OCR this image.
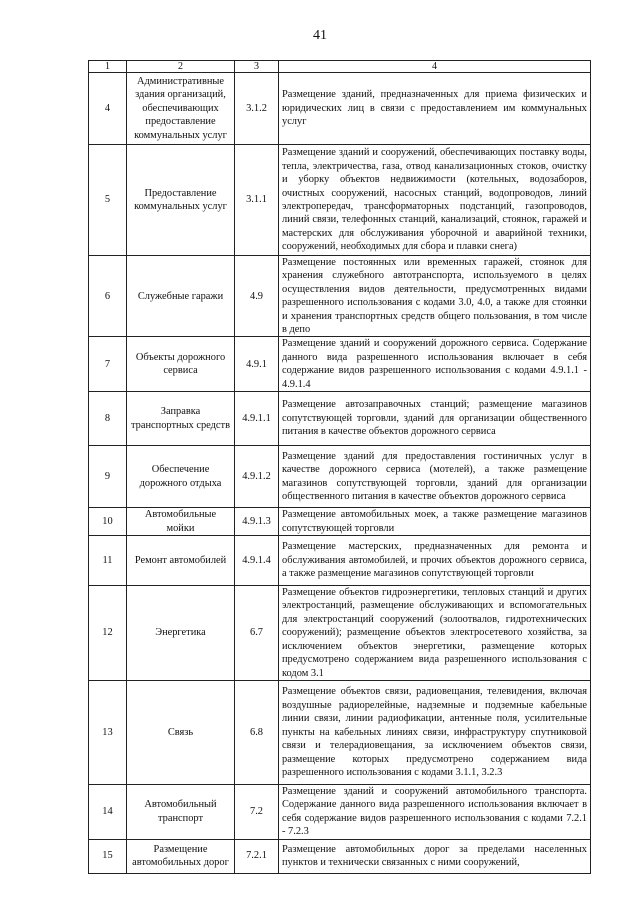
41
1	2	3	4
4	Административные здания организаций, обеспечивающих предоставление коммунальных услуг	3.1.2	Размещение зданий, предназначенных для приема физических и юридических лиц в связи с предоставлением им коммунальных услуг
5	Предоставление коммунальных услуг	3.1.1	Размещение зданий и сооружений, обеспечивающих поставку воды, тепла, электричества, газа, отвод канализационных стоков, очистку и уборку объектов недвижимости (котельных, водозаборов, очистных сооружений, насосных станций, водопроводов, линий электропередач, трансформаторных подстанций, газопроводов, линий связи, телефонных станций, канализаций, стоянок, гаражей и мастерских для обслуживания уборочной и аварийной техники, сооружений, необходимых для сбора и плавки снега)
6	Служебные гаражи	4.9	Размещение постоянных или временных гаражей, стоянок для хранения служебного автотранспорта, используемого в целях осуществления видов деятельности, предусмотренных видами разрешенного использования с кодами 3.0, 4.0, а также для стоянки и хранения транспортных средств общего пользования, в том числе в депо
7	Объекты дорожного сервиса	4.9.1	Размещение зданий и сооружений дорожного сервиса. Содержание данного вида разрешенного использования включает в себя содержание видов разрешенного использования с кодами 4.9.1.1 - 4.9.1.4
8	Заправка транспортных средств	4.9.1.1	Размещение автозаправочных станций; размещение магазинов сопутствующей торговли, зданий для организации общественного питания в качестве объектов дорожного сервиса
9	Обеспечение дорожного отдыха	4.9.1.2	Размещение зданий для предоставления гостиничных услуг в качестве дорожного сервиса (мотелей), а также размещение магазинов сопутствующей торговли, зданий для организации общественного питания в качестве объектов дорожного сервиса
10	Автомобильные мойки	4.9.1.3	Размещение автомобильных моек, а также размещение магазинов сопутствующей торговли
11	Ремонт автомобилей	4.9.1.4	Размещение мастерских, предназначенных для ремонта и обслуживания автомобилей, и прочих объектов дорожного сервиса, а также размещение магазинов сопутствующей торговли
12	Энергетика	6.7	Размещение объектов гидроэнергетики, тепловых станций и других электростанций, размещение обслуживающих и вспомогательных для электростанций сооружений (золоотвалов, гидротехнических сооружений); размещение объектов электросетевого хозяйства, за исключением объектов энергетики, размещение которых предусмотрено содержанием вида разрешенного использования с кодом 3.1
13	Связь	6.8	Размещение объектов связи, радиовещания, телевидения, включая воздушные радиорелейные, надземные и подземные кабельные линии связи, линии радиофикации, антенные поля, усилительные пункты на кабельных линиях связи, инфраструктуру спутниковой связи и телерадиовещания, за исключением объектов связи, размещение которых предусмотрено содержанием вида разрешенного использования с кодами 3.1.1, 3.2.3
14	Автомобильный транспорт	7.2	Размещение зданий и сооружений автомобильного транспорта. Содержание данного вида разрешенного использования включает в себя содержание видов разрешенного использования с кодами 7.2.1 - 7.2.3
15	Размещение автомобильных дорог	7.2.1	Размещение автомобильных дорог за пределами населенных пунктов и технически связанных с ними сооружений,
